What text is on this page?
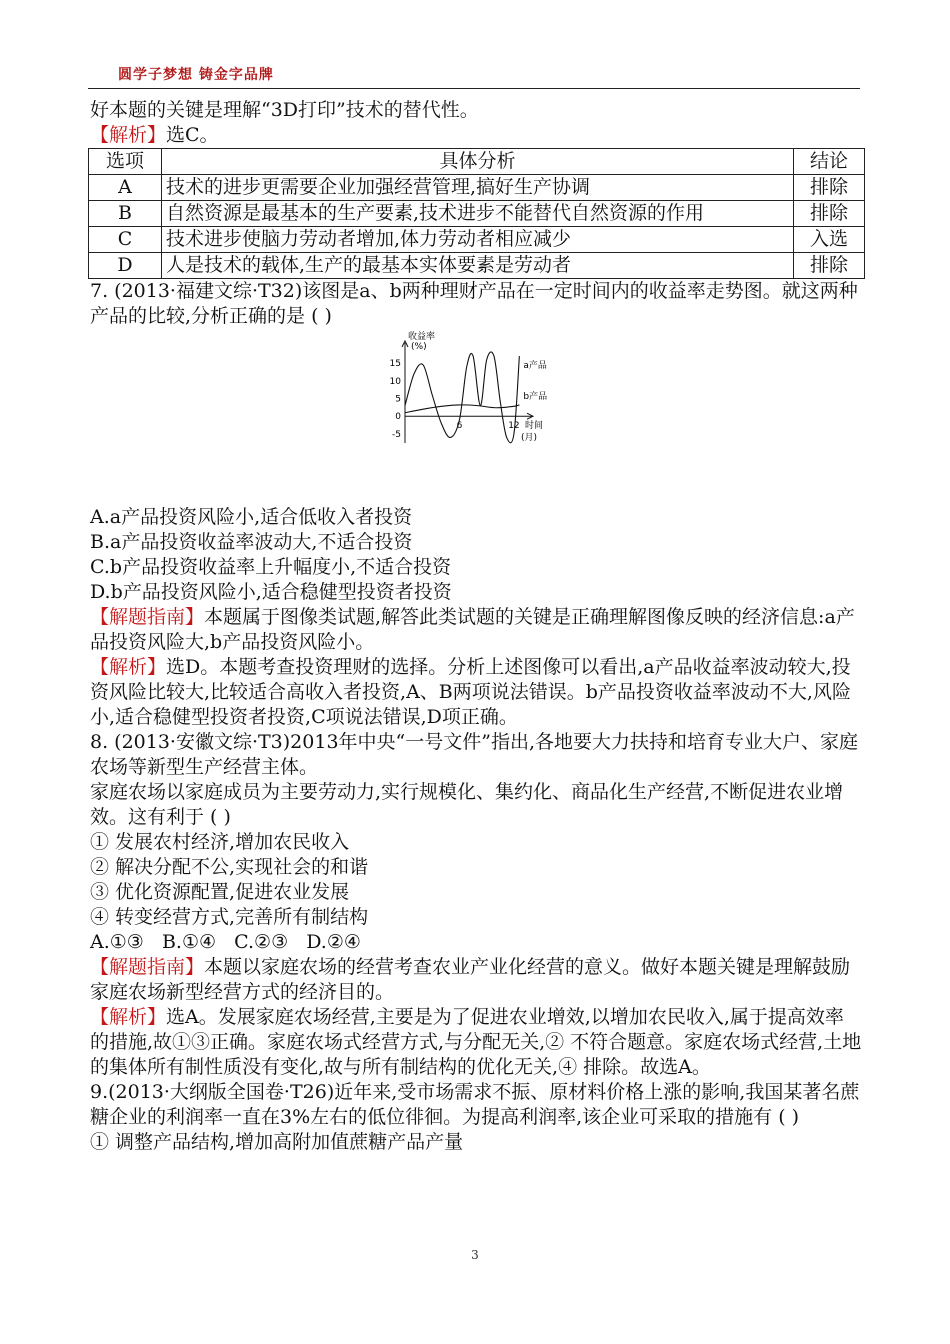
圆学子梦想 铸金字品牌

好本题的关键是理解“3D打印”技术的替代性。

【解析】选C。

选项	具体分析	结论
A	技术的进步更需要企业加强经营管理,搞好生产协调	排除
B	自然资源是最基本的生产要素,技术进步不能替代自然资源的作用	排除
C	技术进步使脑力劳动者增加,体力劳动者相应减少	入选
D	人是技术的载体,生产的最基本实体要素是劳动者	排除

7. (2013·福建文综·T32)该图是a、b两种理财产品在一定时间内的收益率走势图。就这两种产品的比较,分析正确的是 ( )

收益率
(%)
15
10
5
0
-5
6	12 时间
(月)
a产品
b产品

A.a产品投资风险小,适合低收入者投资

B.a产品投资收益率波动大,不适合投资

C.b产品投资收益率上升幅度小,不适合投资

D.b产品投资风险小,适合稳健型投资者投资

【解题指南】本题属于图像类试题,解答此类试题的关键是正确理解图像反映的经济信息:a产品投资风险大,b产品投资风险小。

【解析】选D。本题考查投资理财的选择。分析上述图像可以看出,a产品收益率波动较大,投资风险比较大,比较适合高收入者投资,A、B两项说法错误。b产品投资收益率波动不大,风险小,适合稳健型投资者投资,C项说法错误,D项正确。

8. (2013·安徽文综·T3)2013年中央“一号文件”指出,各地要大力扶持和培育专业大户、家庭农场等新型生产经营主体。

家庭农场以家庭成员为主要劳动力,实行规模化、集约化、商品化生产经营,不断促进农业增效。这有利于 ( )

① 发展农村经济,增加农民收入

② 解决分配不公,实现社会的和谐

③ 优化资源配置,促进农业发展

④ 转变经营方式,完善所有制结构

A.①③   B.①④   C.②③   D.②④

【解题指南】本题以家庭农场的经营考查农业产业化经营的意义。做好本题关键是理解鼓励家庭农场新型经营方式的经济目的。

【解析】选A。发展家庭农场经营,主要是为了促进农业增效,以增加农民收入,属于提高效率的措施,故①③正确。家庭农场式经营方式,与分配无关,② 不符合题意。家庭农场式经营,土地的集体所有制性质没有变化,故与所有制结构的优化无关,④ 排除。故选A。

9.(2013·大纲版全国卷·T26)近年来,受市场需求不振、原材料价格上涨的影响,我国某著名蔗糖企业的利润率一直在3%左右的低位徘徊。为提高利润率,该企业可采取的措施有 ( )

① 调整产品结构,增加高附加值蔗糖产品产量

3
